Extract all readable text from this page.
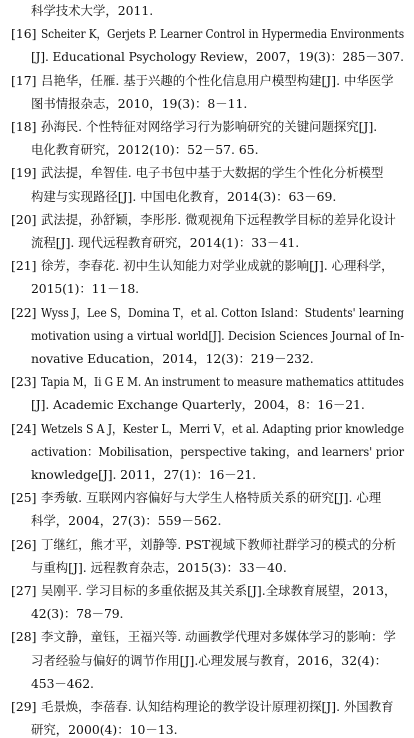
科学技术大学，2011.
[16] Scheiter K，Gerjets P. Learner Control in Hypermedia Environments
[J]. Educational Psychology Review，2007，19(3)：285－307.
[17] 吕艳华，任雁. 基于兴趣的个性化信息用户模型构建[J]. 中华医学
图书情报杂志，2010，19(3)：8－11.
[18] 孙海民. 个性特征对网络学习行为影响研究的关键问题探究[J].
电化教育研究，2012(10)：52－57. 65.
[19] 武法提，牟智佳. 电子书包中基于大数据的学生个性化分析模型
构建与实现路径[J]. 中国电化教育，2014(3)：63－69.
[20] 武法提，孙舒颖，李彤彤. 微观视角下远程教学目标的差异化设计
流程[J]. 现代远程教育研究，2014(1)：33－41.
[21] 徐芳，李春花. 初中生认知能力对学业成就的影响[J]. 心理科学，
2015(1)：11－18.
[22] Wyss J，Lee S，Domina T，et al. Cotton Island：Students' learning
motivation using a virtual world[J]. Decision Sciences Journal of In-
novative Education，2014，12(3)：219－232.
[23] Tapia M，Ii G E M. An instrument to measure mathematics attitudes
[J]. Academic Exchange Quarterly，2004，8：16－21.
[24] Wetzels S A J，Kester L，Merri V，et al. Adapting prior knowledge
activation：Mobilisation，perspective taking，and learners' prior
knowledge[J]. 2011，27(1)：16－21.
[25] 李秀敏. 互联网内容偏好与大学生人格特质关系的研究[J]. 心理
科学，2004，27(3)：559－562.
[26] 丁继红，熊才平，刘静等. PST视域下教师社群学习的模式的分析
与重构[J]. 远程教育杂志，2015(3)：33－40.
[27] 吴刚平. 学习目标的多重依据及其关系[J].全球教育展望，2013，
42(3)：78－79.
[28] 李文静，童钰，王福兴等. 动画教学代理对多媒体学习的影响：学
习者经验与偏好的调节作用[J].心理发展与教育，2016，32(4)：
453－462.
[29] 毛景焕，李蓓春. 认知结构理论的教学设计原理初探[J]. 外国教育
研究，2000(4)：10－13.
